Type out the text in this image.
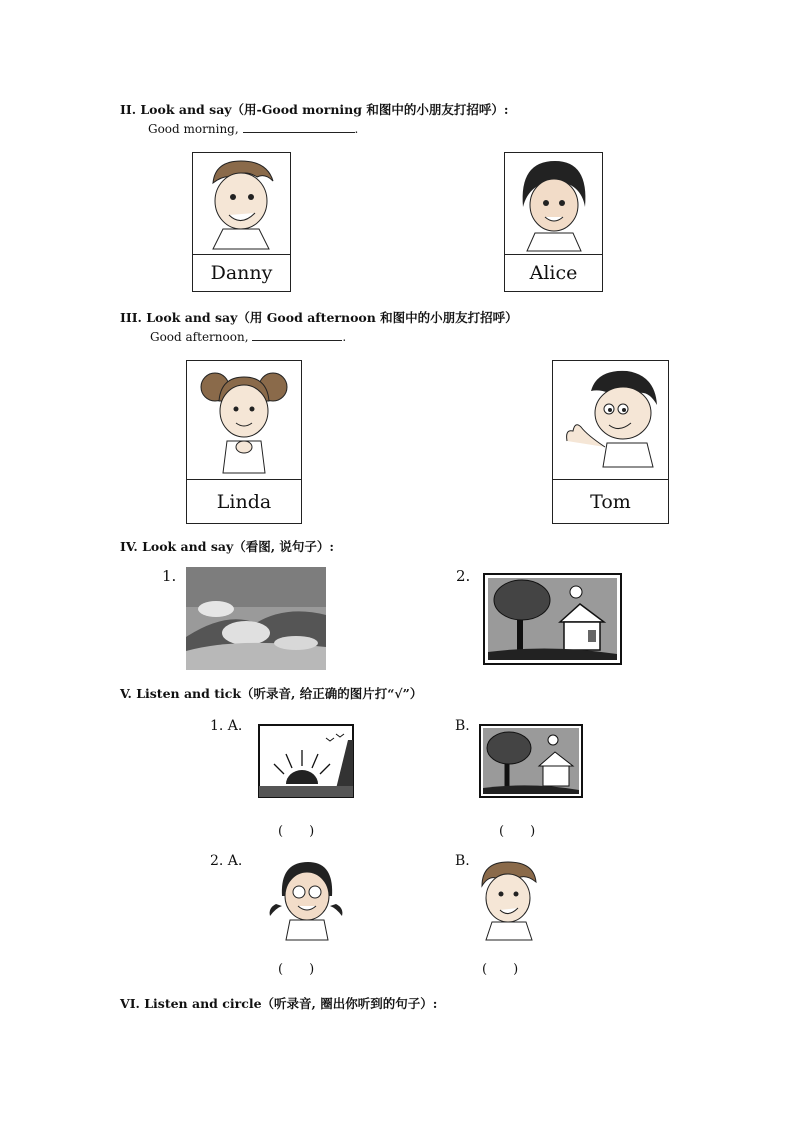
II. Look and say（用-Good morning 和图中的小朋友打招呼）:
Good morning,	.
Danny	Alice
III. Look and say（用 Good afternoon 和图中的小朋友打招呼）
Good afternoon,	.
Linda	Tom
IV. Look and say（看图, 说句子）:
1.	2.
V. Listen and tick（听录音, 给正确的图片打“√”）
1. A.
(　　)
B.
(　　)
2. A.
(　　)
B.
(　　)
VI. Listen and circle（听录音, 圈出你听到的句子）:
